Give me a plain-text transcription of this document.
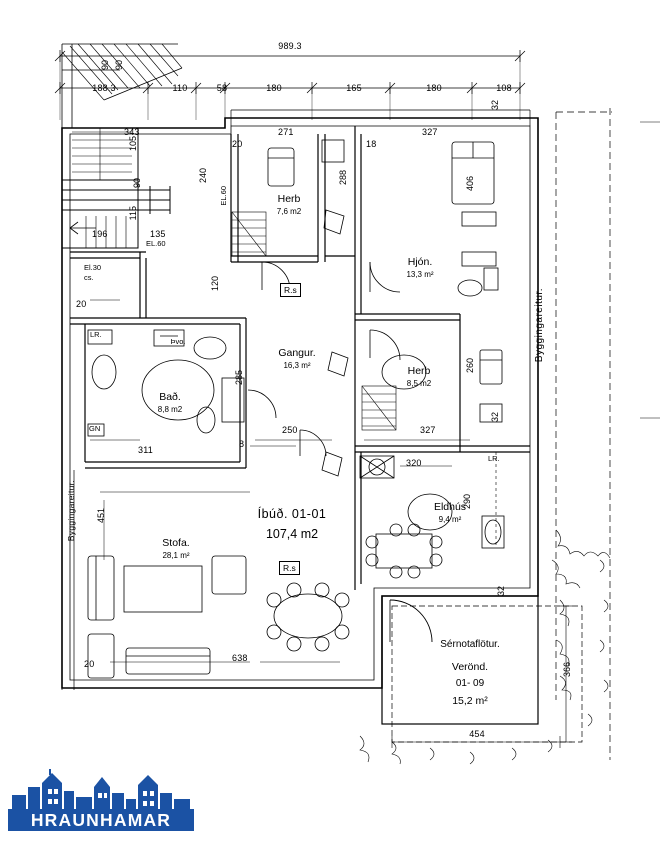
989.3
188.3	110	58	180	165	180	108
90 90
343
105
90
115
196	135
20
271
18
327
32
240	288	406
20
120
285
260
311
8
250	327
32
320
290
451
20
638
32
Herb
7,6 m2
Hjón.
13,3 m²
Gangur.
16,3 m²	Herb
8,5 m2
Bað.
8,8 m2
Eldhús
9,4 m²
Stofa.
28,1 m²
Þvo.
Íbúð. 01-01
107,4 m2
R.s
R.s
El.30
cs.
EL.60
EL.60
GN
LR.
LR.
Byggingareitur.
Byggingareitur.
Sérnotaflötur.
Verönd.
01- 09
15,2 m²
454
366
HRAUNHAMAR
